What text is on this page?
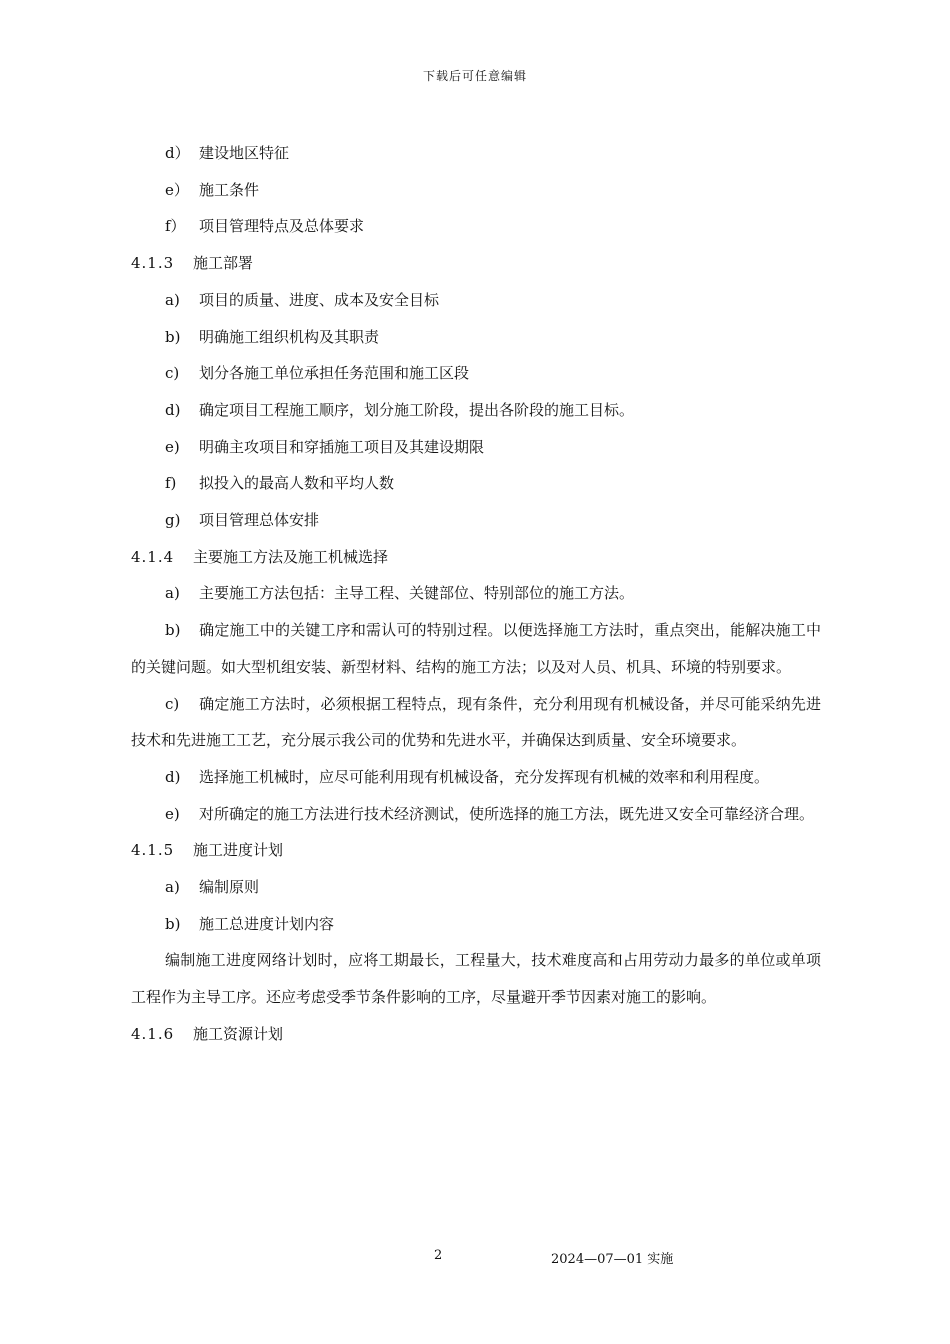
下载后可任意编辑

d） 建设地区特征

e） 施工条件

f） 项目管理特点及总体要求

4.1.3 施工部署

a) 项目的质量、进度、成本及安全目标

b) 明确施工组织机构及其职责

c) 划分各施工单位承担任务范围和施工区段

d) 确定项目工程施工顺序，划分施工阶段，提出各阶段的施工目标。

e) 明确主攻项目和穿插施工项目及其建设期限

f) 拟投入的最高人数和平均人数

g) 项目管理总体安排

4.1.4 主要施工方法及施工机械选择

a) 主要施工方法包括：主导工程、关键部位、特别部位的施工方法。

b) 确定施工中的关键工序和需认可的特别过程。以便选择施工方法时，重点突出，能解决施工中的关键问题。如大型机组安装、新型材料、结构的施工方法；以及对人员、机具、环境的特别要求。

c) 确定施工方法时，必须根据工程特点，现有条件，充分利用现有机械设备，并尽可能采纳先进技术和先进施工工艺，充分展示我公司的优势和先进水平，并确保达到质量、安全环境要求。

d) 选择施工机械时，应尽可能利用现有机械设备，充分发挥现有机械的效率和利用程度。

e) 对所确定的施工方法进行技术经济测试，使所选择的施工方法，既先进又安全可靠经济合理。

4.1.5 施工进度计划

a) 编制原则

b) 施工总进度计划内容

编制施工进度网络计划时，应将工期最长，工程量大，技术难度高和占用劳动力最多的单位或单项工程作为主导工序。还应考虑受季节条件影响的工序，尽量避开季节因素对施工的影响。

4.1.6 施工资源计划

2	2024—07—01 实施
